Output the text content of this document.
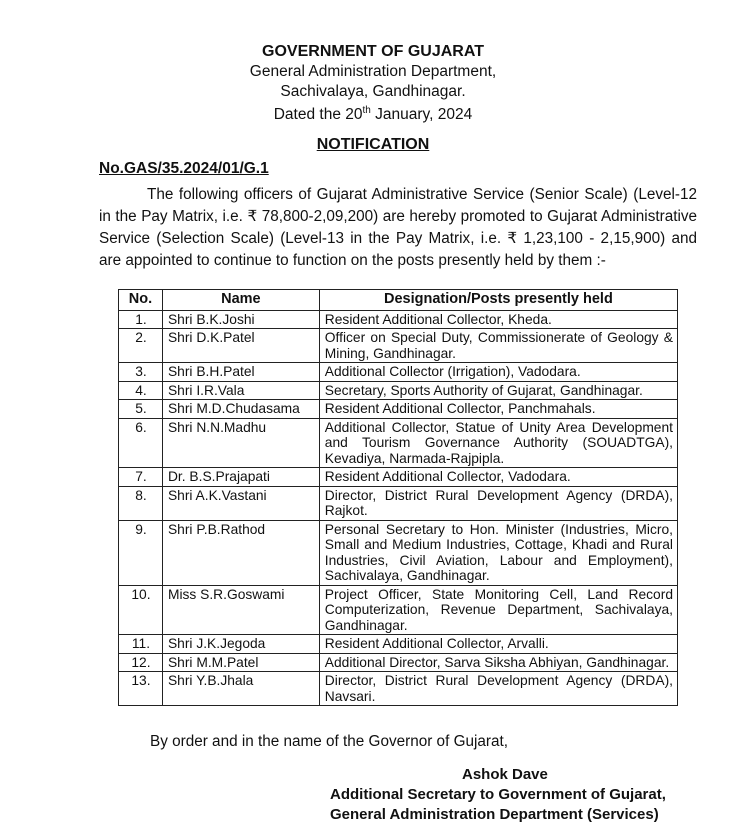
GOVERNMENT OF GUJARAT
General Administration Department,
Sachivalaya, Gandhinagar.
Dated the 20th January, 2024
NOTIFICATION
No.GAS/35.2024/01/G.1

The following officers of Gujarat Administrative Service (Senior Scale) (Level-12 in the Pay Matrix, i.e. ₹ 78,800-2,09,200) are hereby promoted to Gujarat Administrative Service (Selection Scale) (Level-13 in the Pay Matrix, i.e. ₹ 1,23,100 - 2,15,900) and are appointed to continue to function on the posts presently held by them :-

No.	Name	Designation/Posts presently held
1.	Shri B.K.Joshi	Resident Additional Collector, Kheda.
2.	Shri D.K.Patel	Officer on Special Duty, Commissionerate of Geology & Mining, Gandhinagar.
3.	Shri B.H.Patel	Additional Collector (Irrigation), Vadodara.
4.	Shri I.R.Vala	Secretary, Sports Authority of Gujarat, Gandhinagar.
5.	Shri M.D.Chudasama	Resident Additional Collector, Panchmahals.
6.	Shri N.N.Madhu	Additional Collector, Statue of Unity Area Development and Tourism Governance Authority (SOUADTGA), Kevadiya, Narmada-Rajpipla.
7.	Dr. B.S.Prajapati	Resident Additional Collector, Vadodara.
8.	Shri A.K.Vastani	Director, District Rural Development Agency (DRDA), Rajkot.
9.	Shri P.B.Rathod	Personal Secretary to Hon. Minister (Industries, Micro, Small and Medium Industries, Cottage, Khadi and Rural Industries, Civil Aviation, Labour and Employment), Sachivalaya, Gandhinagar.
10.	Miss S.R.Goswami	Project Officer, State Monitoring Cell, Land Record Computerization, Revenue Department, Sachivalaya, Gandhinagar.
11.	Shri J.K.Jegoda	Resident Additional Collector, Arvalli.
12.	Shri M.M.Patel	Additional Director, Sarva Siksha Abhiyan, Gandhinagar.
13.	Shri Y.B.Jhala	Director, District Rural Development Agency (DRDA), Navsari.
By order and in the name of the Governor of Gujarat,
Ashok Dave
Additional Secretary to Government of Gujarat,
General Administration Department (Services)
